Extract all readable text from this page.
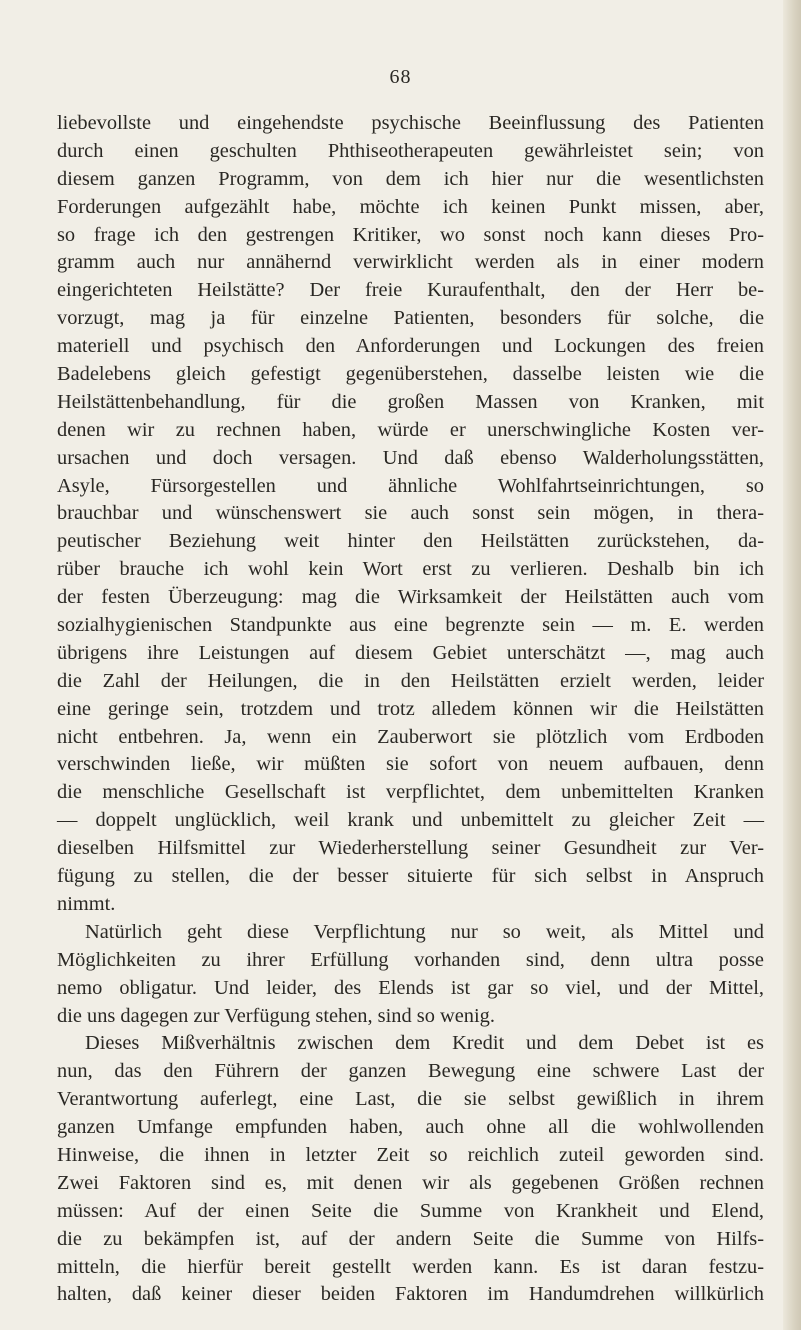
68
liebevollste und eingehendste psychische Beeinflussung des Patienten
durch einen geschulten Phthiseotherapeuten gewährleistet sein; von
diesem ganzen Programm, von dem ich hier nur die wesentlichsten
Forderungen aufgezählt habe, möchte ich keinen Punkt missen, aber,
so frage ich den gestrengen Kritiker, wo sonst noch kann dieses Pro-
gramm auch nur annähernd verwirklicht werden als in einer modern
eingerichteten Heilstätte? Der freie Kuraufenthalt, den der Herr be-
vorzugt, mag ja für einzelne Patienten, besonders für solche, die
materiell und psychisch den Anforderungen und Lockungen des freien
Badelebens gleich gefestigt gegenüberstehen, dasselbe leisten wie die
Heilstättenbehandlung, für die großen Massen von Kranken, mit
denen wir zu rechnen haben, würde er unerschwingliche Kosten ver-
ursachen und doch versagen. Und daß ebenso Walderholungsstätten,
Asyle, Fürsorgestellen und ähnliche Wohlfahrtseinrichtungen, so
brauchbar und wünschenswert sie auch sonst sein mögen, in thera-
peutischer Beziehung weit hinter den Heilstätten zurückstehen, da-
rüber brauche ich wohl kein Wort erst zu verlieren. Deshalb bin ich
der festen Überzeugung: mag die Wirksamkeit der Heilstätten auch vom
sozialhygienischen Standpunkte aus eine begrenzte sein — m. E. werden
übrigens ihre Leistungen auf diesem Gebiet unterschätzt —, mag auch
die Zahl der Heilungen, die in den Heilstätten erzielt werden, leider
eine geringe sein, trotzdem und trotz alledem können wir die Heilstätten
nicht entbehren. Ja, wenn ein Zauberwort sie plötzlich vom Erdboden
verschwinden ließe, wir müßten sie sofort von neuem aufbauen, denn
die menschliche Gesellschaft ist verpflichtet, dem unbemittelten Kranken
— doppelt unglücklich, weil krank und unbemittelt zu gleicher Zeit —
dieselben Hilfsmittel zur Wiederherstellung seiner Gesundheit zur Ver-
fügung zu stellen, die der besser situierte für sich selbst in Anspruch
nimmt.
Natürlich geht diese Verpflichtung nur so weit, als Mittel und
Möglichkeiten zu ihrer Erfüllung vorhanden sind, denn ultra posse
nemo obligatur. Und leider, des Elends ist gar so viel, und der Mittel,
die uns dagegen zur Verfügung stehen, sind so wenig.
Dieses Mißverhältnis zwischen dem Kredit und dem Debet ist es
nun, das den Führern der ganzen Bewegung eine schwere Last der
Verantwortung auferlegt, eine Last, die sie selbst gewißlich in ihrem
ganzen Umfange empfunden haben, auch ohne all die wohlwollenden
Hinweise, die ihnen in letzter Zeit so reichlich zuteil geworden sind.
Zwei Faktoren sind es, mit denen wir als gegebenen Größen rechnen
müssen: Auf der einen Seite die Summe von Krankheit und Elend,
die zu bekämpfen ist, auf der andern Seite die Summe von Hilfs-
mitteln, die hierfür bereit gestellt werden kann. Es ist daran festzu-
halten, daß keiner dieser beiden Faktoren im Handumdrehen willkürlich
